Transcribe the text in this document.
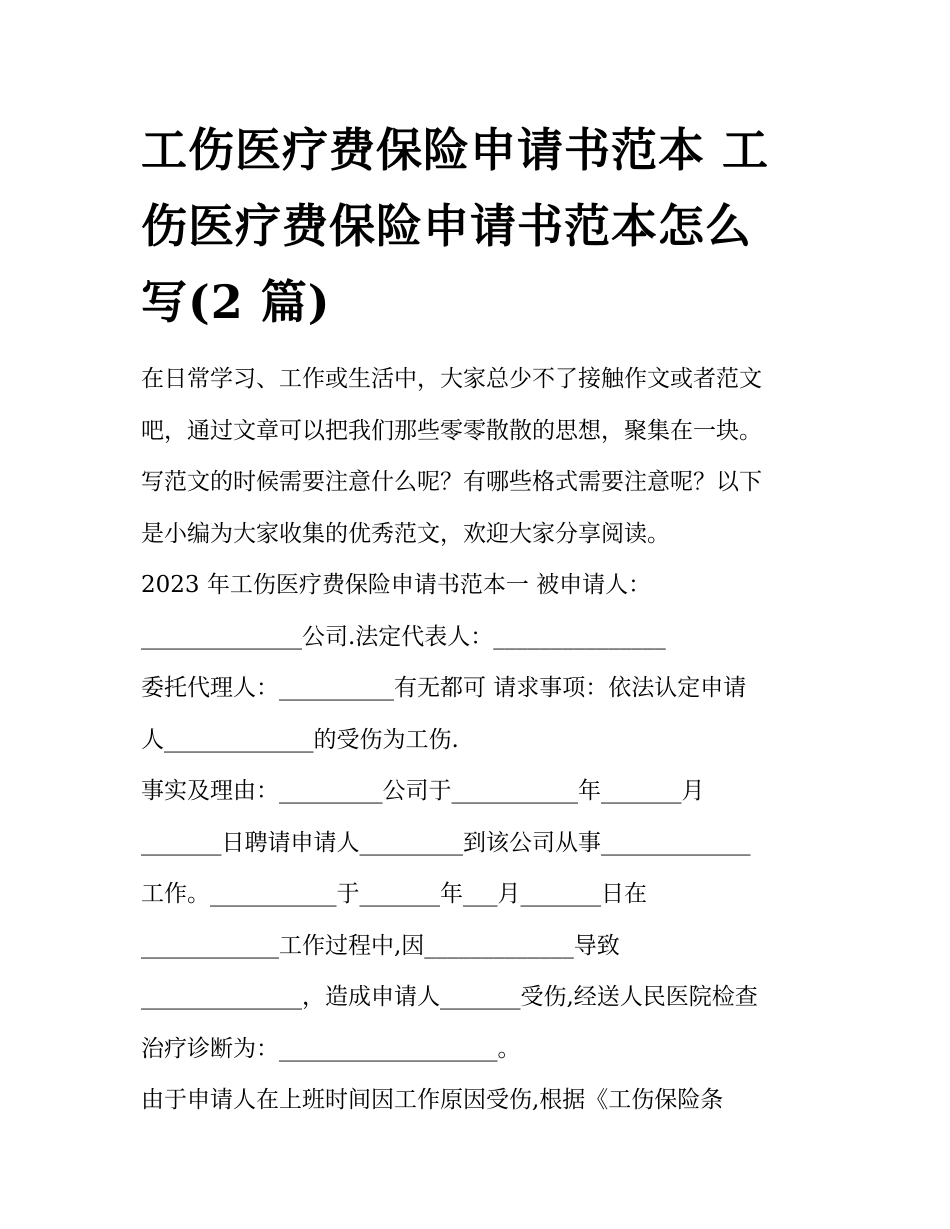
工伤医疗费保险申请书范本 工
伤医疗费保险申请书范本怎么
写(2 篇)
在日常学习、工作或生活中，大家总少不了接触作文或者范文
吧，通过文章可以把我们那些零零散散的思想，聚集在一块。
写范文的时候需要注意什么呢？有哪些格式需要注意呢？以下
是小编为大家收集的优秀范文，欢迎大家分享阅读。
2023 年工伤医疗费保险申请书范本一 被申请人：
______________公司.法定代表人：_______________
委托代理人：__________有无都可 请求事项：依法认定申请
人_____________的受伤为工伤.
事实及理由：_________公司于___________年_______月
_______日聘请申请人_________到该公司从事_____________
工作。___________于_______年___月_______日在
____________工作过程中,因_____________导致
______________，造成申请人_______受伤,经送人民医院检查
治疗诊断为：___________________。
由于申请人在上班时间因工作原因受伤,根据《工伤保险条
